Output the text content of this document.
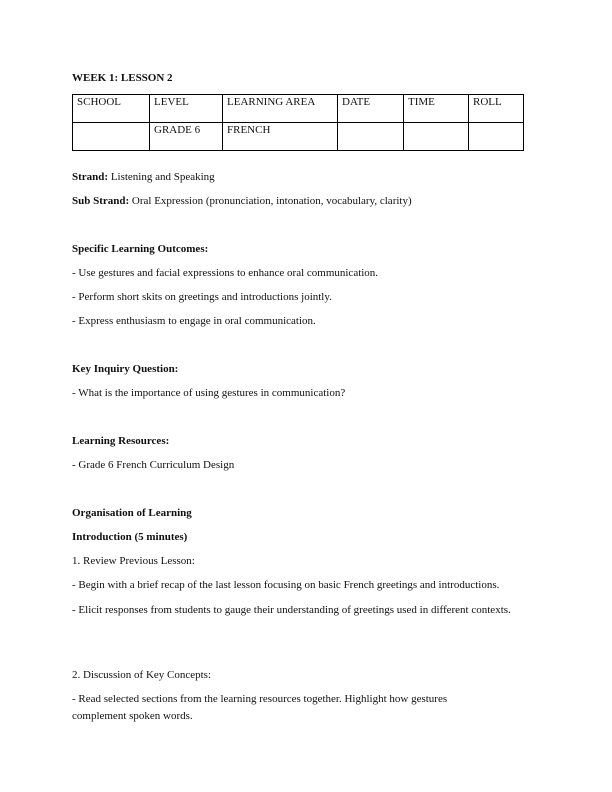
WEEK 1: LESSON 2
SCHOOL	LEVEL	LEARNING AREA	DATE	TIME	ROLL
	GRADE 6	FRENCH			
Strand: Listening and Speaking
Sub Strand: Oral Expression (pronunciation, intonation, vocabulary, clarity)
Specific Learning Outcomes:
- Use gestures and facial expressions to enhance oral communication.
- Perform short skits on greetings and introductions jointly.
- Express enthusiasm to engage in oral communication.
Key Inquiry Question:
- What is the importance of using gestures in communication?
Learning Resources:
- Grade 6 French Curriculum Design
Organisation of Learning
Introduction (5 minutes)
1. Review Previous Lesson:
- Begin with a brief recap of the last lesson focusing on basic French greetings and introductions.
- Elicit responses from students to gauge their understanding of greetings used in different contexts.
2. Discussion of Key Concepts:
- Read selected sections from the learning resources together. Highlight how gestures complement spoken words.
